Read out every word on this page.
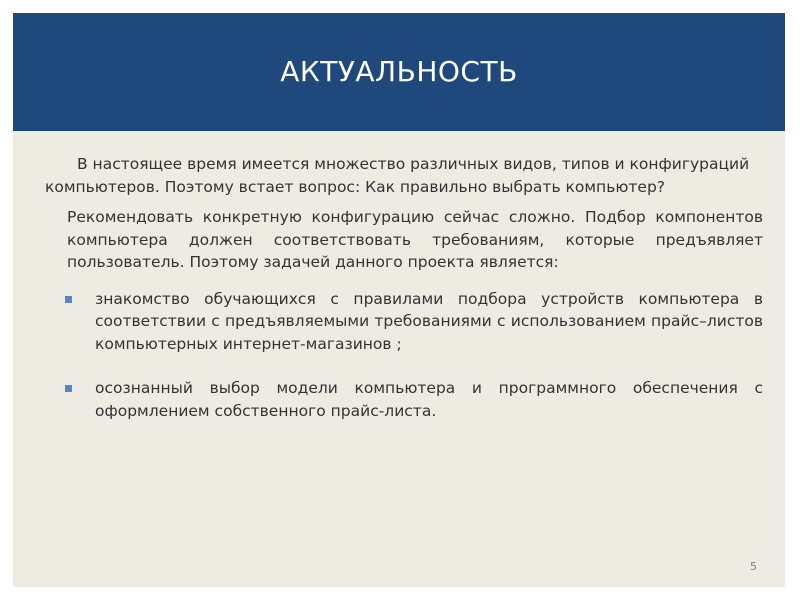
АКТУАЛЬНОСТЬ

В настоящее время имеется множество различных видов, типов и конфигураций компьютеров. Поэтому встает вопрос: Как правильно выбрать компьютер?

Рекомендовать конкретную конфигурацию сейчас сложно. Подбор компонентов компьютера должен соответствовать требованиям, которые предъявляет пользователь. Поэтому задачей данного проекта является:

знакомство обучающихся с правилами подбора устройств компьютера в соответствии с предъявляемыми требованиями с использованием прайс–листов компьютерных интернет-магазинов ;
осознанный выбор модели компьютера и программного обеспечения с оформлением собственного прайс-листа.
5
